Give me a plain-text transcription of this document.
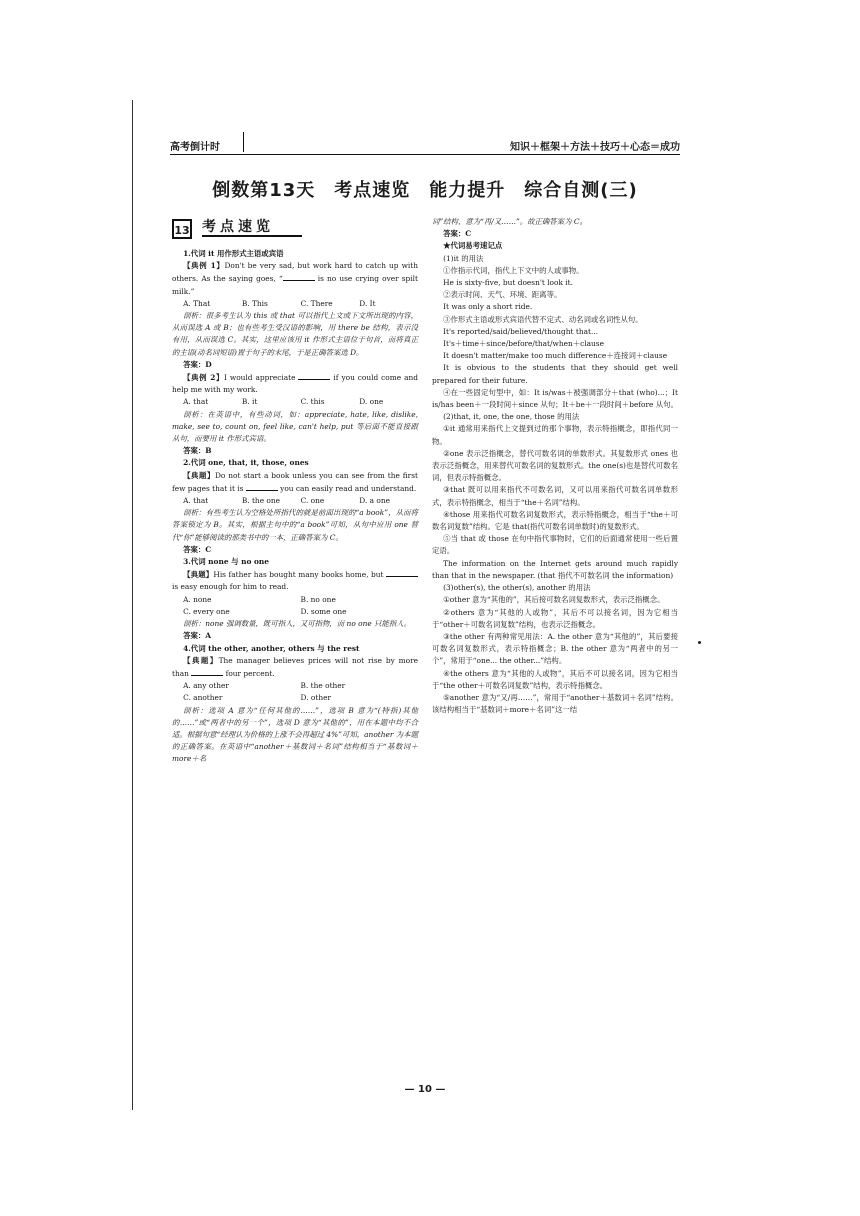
高考倒计时	知识＋框架＋方法＋技巧＋心态＝成功
倒数第13天　考点速览　能力提升　综合自测(三)
13 考点速览

1.代词 it 用作形式主语或宾语

【典例 1】Don't be very sad, but work hard to catch up with others. As the saying goes, “	is no use crying over spilt milk.”

A. That	B. This	C. There	D. It

剖析：很多考生认为 this 或 that 可以指代上文或下文所出现的内容，从而误选 A 或 B；也有些考生受汉语的影响，用 there be 结构，表示没有用，从而误选 C。其实，这里应该用 it 作形式主语位于句首，而将真正的主语(动名词短语)置于句子的末尾，于是正确答案选 D。

答案：D

【典例 2】I would appreciate	if you could come and help me with my work.

A. that	B. it	C. this	D. one

剖析：在英语中，有些动词，如：appreciate, hate, like, dislike, make, see to, count on, feel like, can't help, put 等后面不能直接跟从句，而要用 it 作形式宾语。

答案：B

2.代词 one, that, it, those, ones

【典题】Do not start a book unless you can see from the first few pages that it is	you can easily read and understand.

A. that	B. the one	C. one	D. a one

剖析：有些考生认为空格处所指代的就是前面出现的“a book”，从而将答案锁定为 B。其实，根据主句中的“a book”可知，从句中应用 one 替代“你”能够阅读的那类书中的一本，正确答案为 C。

答案：C

3.代词 none 与 no one

【典题】His father has bought many books home, but  is easy enough for him to read.

A. none	B. no one
C. every one	D. some one

剖析：none 强调数量，既可指人，又可指物，而 no one 只能指人。

答案：A

4.代词 the other, another, others 与 the rest

【典题】The manager believes prices will not rise by more than	four percent.

A. any other	B. the other
C. another	D. other

剖析：选项 A 意为“任何其他的……”，选项 B 意为“(特指)其他的……”或“两者中的另一个”，选项 D 意为“其他的”，用在本题中均不合适。根据句意“经理认为价格的上涨不会再超过 4%”可知，another 为本题的正确答案。在英语中“another＋基数词＋名词”结构相当于“基数词＋more＋名

词”结构，意为“再/又……”。故正确答案为 C。

答案：C

★代词易考速记点

(1)it 的用法

①作指示代词，指代上下文中的人或事物。

He is sixty-five, but doesn't look it.

②表示时间、天气、环境、距离等。

It was only a short ride.

③作形式主语或形式宾语代替不定式、动名词或名词性从句。

It's reported/said/believed/thought that...

It's＋time＋since/before/that/when＋clause

It doesn't matter/make too much difference＋连接词＋clause

It is obvious to the students that they should get well prepared for their future.

④在一些固定句型中，如：It is/was＋被强调部分＋that (who)...；It is/has been＋一段时间＋since 从句；It＋be＋一段时间＋before 从句。

(2)that, it, one, the one, those 的用法

①it 通常用来指代上文提到过的那个事物，表示特指概念，即指代同一物。

②one 表示泛指概念，替代可数名词的单数形式。其复数形式 ones 也表示泛指概念，用来替代可数名词的复数形式。the one(s)也是替代可数名词，但表示特指概念。

③that 既可以用来指代不可数名词，又可以用来指代可数名词单数形式，表示特指概念，相当于“the＋名词”结构。

④those 用来指代可数名词复数形式，表示特指概念，相当于“the＋可数名词复数”结构。它是 that(指代可数名词单数时)的复数形式。

⑤当 that 或 those 在句中指代事物时，它们的后面通常使用一些后置定语。

The information on the Internet gets around much rapidly than that in the newspaper. (that 指代不可数名词 the information)

(3)other(s), the other(s), another 的用法

①other 意为“其他的”，其后接可数名词复数形式，表示泛指概念。

②others 意为“其他的人或物”，其后不可以接名词，因为它相当于“other＋可数名词复数”结构，也表示泛指概念。

③the other 有两种常见用法：A. the other 意为“其他的”，其后要接可数名词复数形式，表示特指概念；B. the other 意为“两者中的另一个”，常用于“one... the other...”结构。

④the others 意为“其他的人或物”，其后不可以接名词，因为它相当于“the other＋可数名词复数”结构，表示特指概念。

⑤another 意为“又/再……”，常用于“another＋基数词＋名词”结构。该结构相当于“基数词＋more＋名词”这一结

— 10 —
